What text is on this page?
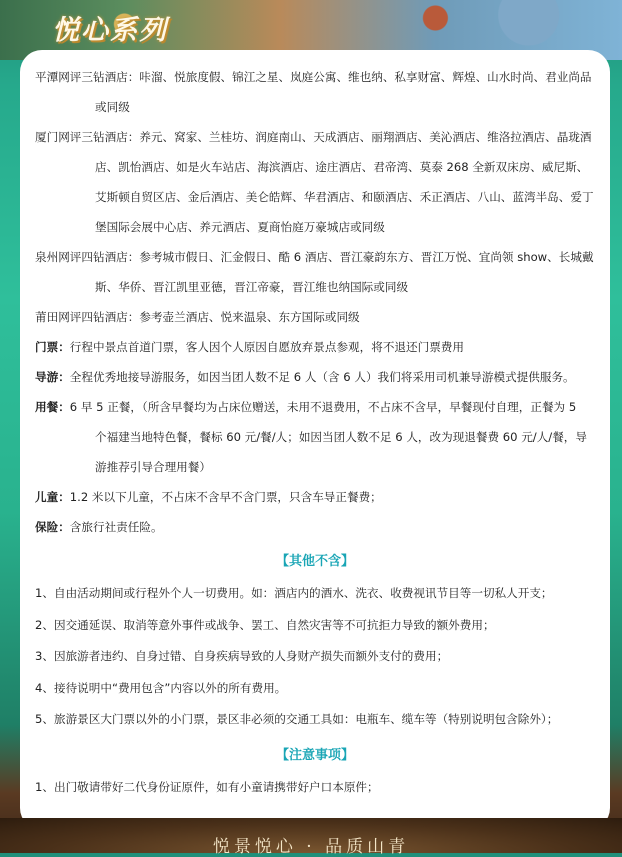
悦心系列

平潭网评三钻酒店：咔溜、悦旅度假、锦江之星、岚庭公寓、维也纳、私享财富、辉煌、山水时尚、君业尚品

或同级

厦门网评三钻酒店：养元、窝家、兰桂坊、润庭南山、天成酒店、丽翔酒店、美沁酒店、维洛拉酒店、晶珑酒

店、凯怡酒店、如是火车站店、海滨酒店、途庄酒店、君帝湾、莫泰 268 全新双床房、威尼斯、

艾斯顿自贸区店、金后酒店、美仑皓辉、华君酒店、和颐酒店、禾正酒店、八山、蓝湾半岛、爱丁

堡国际会展中心店、养元酒店、夏商怡庭万豪城店或同级

泉州网评四钻酒店：参考城市假日、汇金假日、酷 6 酒店、晋江豪韵东方、晋江万悦、宜尚领 show、长城戴

斯、华侨、晋江凯里亚德，晋江帝豪，晋江维也纳国际或同级

莆田网评四钻酒店：参考壶兰酒店、悦来温泉、东方国际或同级

门票：行程中景点首道门票，客人因个人原因自愿放弃景点参观，将不退还门票费用

导游：全程优秀地接导游服务，如因当团人数不足 6 人（含 6 人）我们将采用司机兼导游模式提供服务。

用餐：6 早 5 正餐，（所含早餐均为占床位赠送，未用不退费用，不占床不含早，早餐现付自理，正餐为 5

个福建当地特色餐，餐标 60 元/餐/人；如因当团人数不足 6 人，改为现退餐费 60 元/人/餐，导

游推荐引导合理用餐）

儿童：1.2 米以下儿童，不占床不含早不含门票，只含车导正餐费；

保险：含旅行社责任险。

【其他不含】

1、自由活动期间或行程外个人一切费用。如：酒店内的酒水、洗衣、收费视讯节目等一切私人开支；

2、因交通延误、取消等意外事件或战争、罢工、自然灾害等不可抗拒力导致的额外费用；

3、因旅游者违约、自身过错、自身疾病导致的人身财产损失而额外支付的费用；

4、接待说明中“费用包含”内容以外的所有费用。

5、旅游景区大门票以外的小门票，景区非必须的交通工具如：电瓶车、缆车等（特别说明包含除外）；

【注意事项】

1、出门敬请带好二代身份证原件，如有小童请携带好户口本原件；

悦景悦心 · 品质山青
